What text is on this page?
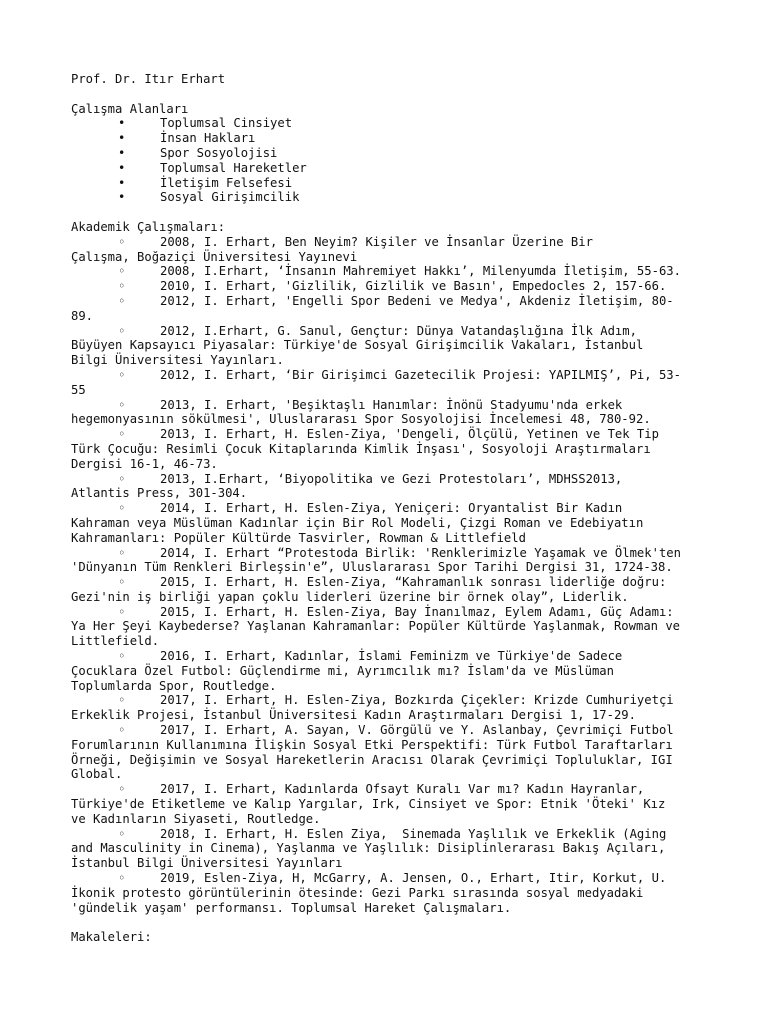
Prof. Dr. Itır Erhart
Çalışma Alanları
•	Toplumsal Cinsiyet
•	İnsan Hakları
•	Spor Sosyolojisi
•	Toplumsal Hareketler
•	İletişim Felsefesi
•	Sosyal Girişimcilik
Akademik Çalışmaları:
◦	2008, I. Erhart, Ben Neyim? Kişiler ve İnsanlar Üzerine Bir
Çalışma, Boğaziçi Üniversitesi Yayınevi
◦	2008, I.Erhart, ‘İnsanın Mahremiyet Hakkı’, Milenyumda İletişim, 55-63.
◦	2010, I. Erhart, 'Gizlilik, Gizlilik ve Basın', Empedocles 2, 157-66.
◦	2012, I. Erhart, 'Engelli Spor Bedeni ve Medya', Akdeniz İletişim, 80-
89.
◦	2012, I.Erhart, G. Sanul, Gençtur: Dünya Vatandaşlığına İlk Adım,
Büyüyen Kapsayıcı Piyasalar: Türkiye'de Sosyal Girişimcilik Vakaları, İstanbul
Bilgi Üniversitesi Yayınları.
◦	2012, I. Erhart, ‘Bir Girişimci Gazetecilik Projesi: YAPILMIŞ’, Pi, 53-
55
◦	2013, I. Erhart, 'Beşiktaşlı Hanımlar: İnönü Stadyumu'nda erkek
hegemonyasının sökülmesi', Uluslararası Spor Sosyolojisi İncelemesi 48, 780-92.
◦	2013, I. Erhart, H. Eslen-Ziya, 'Dengeli, Ölçülü, Yetinen ve Tek Tip
Türk Çocuğu: Resimli Çocuk Kitaplarında Kimlik İnşası', Sosyoloji Araştırmaları
Dergisi 16-1, 46-73.
◦	2013, I.Erhart, ‘Biyopolitika ve Gezi Protestoları’, MDHSS2013,
Atlantis Press, 301-304.
◦	2014, I. Erhart, H. Eslen-Ziya, Yeniçeri: Oryantalist Bir Kadın
Kahraman veya Müslüman Kadınlar için Bir Rol Modeli, Çizgi Roman ve Edebiyatın
Kahramanları: Popüler Kültürde Tasvirler, Rowman & Littlefield
◦	2014, I. Erhart “Protestoda Birlik: 'Renklerimizle Yaşamak ve Ölmek'ten
'Dünyanın Tüm Renkleri Birleşsin'e”, Uluslararası Spor Tarihi Dergisi 31, 1724-38.
◦	2015, I. Erhart, H. Eslen-Ziya, “Kahramanlık sonrası liderliğe doğru:
Gezi'nin iş birliği yapan çoklu liderleri üzerine bir örnek olay”, Liderlik.
◦	2015, I. Erhart, H. Eslen-Ziya, Bay İnanılmaz, Eylem Adamı, Güç Adamı:
Ya Her Şeyi Kaybederse? Yaşlanan Kahramanlar: Popüler Kültürde Yaşlanmak, Rowman ve
Littlefield.
◦	2016, I. Erhart, Kadınlar, İslami Feminizm ve Türkiye'de Sadece
Çocuklara Özel Futbol: Güçlendirme mi, Ayrımcılık mı? İslam'da ve Müslüman
Toplumlarda Spor, Routledge.
◦	2017, I. Erhart, H. Eslen-Ziya, Bozkırda Çiçekler: Krizde Cumhuriyetçi
Erkeklik Projesi, İstanbul Üniversitesi Kadın Araştırmaları Dergisi 1, 17-29.
◦	2017, I. Erhart, A. Sayan, V. Görgülü ve Y. Aslanbay, Çevrimiçi Futbol
Forumlarının Kullanımına İlişkin Sosyal Etki Perspektifi: Türk Futbol Taraftarları
Örneği, Değişimin ve Sosyal Hareketlerin Aracısı Olarak Çevrimiçi Topluluklar, IGI
Global.
◦	2017, I. Erhart, Kadınlarda Ofsayt Kuralı Var mı? Kadın Hayranlar,
Türkiye'de Etiketleme ve Kalıp Yargılar, Irk, Cinsiyet ve Spor: Etnik 'Öteki' Kız
ve Kadınların Siyaseti, Routledge.
◦	2018, I. Erhart, H. Eslen Ziya,  Sinemada Yaşlılık ve Erkeklik (Aging
and Masculinity in Cinema), Yaşlanma ve Yaşlılık: Disiplinlerarası Bakış Açıları,
İstanbul Bilgi Üniversitesi Yayınları
◦	2019, Eslen-Ziya, H, McGarry, A. Jensen, O., Erhart, Itir, Korkut, U.
İkonik protesto görüntülerinin ötesinde: Gezi Parkı sırasında sosyal medyadaki
'gündelik yaşam' performansı. Toplumsal Hareket Çalışmaları.
Makaleleri:
